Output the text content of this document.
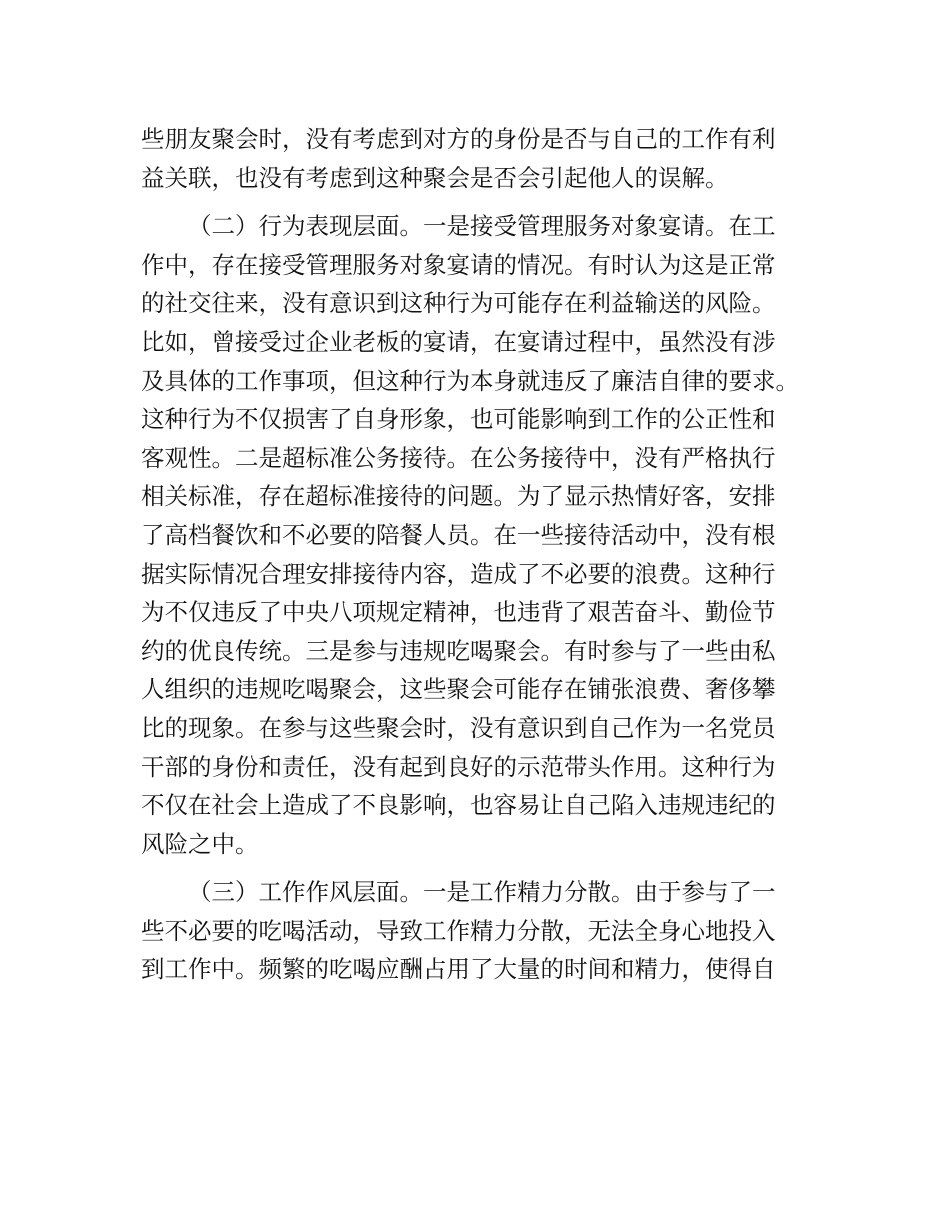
些朋友聚会时，没有考虑到对方的身份是否与自己的工作有利
益关联，也没有考虑到这种聚会是否会引起他人的误解。

（二）行为表现层面。一是接受管理服务对象宴请。在工
作中，存在接受管理服务对象宴请的情况。有时认为这是正常
的社交往来，没有意识到这种行为可能存在利益输送的风险。
比如，曾接受过企业老板的宴请，在宴请过程中，虽然没有涉
及具体的工作事项，但这种行为本身就违反了廉洁自律的要求。
这种行为不仅损害了自身形象，也可能影响到工作的公正性和
客观性。二是超标准公务接待。在公务接待中，没有严格执行
相关标准，存在超标准接待的问题。为了显示热情好客，安排
了高档餐饮和不必要的陪餐人员。在一些接待活动中，没有根
据实际情况合理安排接待内容，造成了不必要的浪费。这种行
为不仅违反了中央八项规定精神，也违背了艰苦奋斗、勤俭节
约的优良传统。三是参与违规吃喝聚会。有时参与了一些由私
人组织的违规吃喝聚会，这些聚会可能存在铺张浪费、奢侈攀
比的现象。在参与这些聚会时，没有意识到自己作为一名党员
干部的身份和责任，没有起到良好的示范带头作用。这种行为
不仅在社会上造成了不良影响，也容易让自己陷入违规违纪的
风险之中。

（三）工作作风层面。一是工作精力分散。由于参与了一
些不必要的吃喝活动，导致工作精力分散，无法全身心地投入
到工作中。频繁的吃喝应酬占用了大量的时间和精力，使得自
